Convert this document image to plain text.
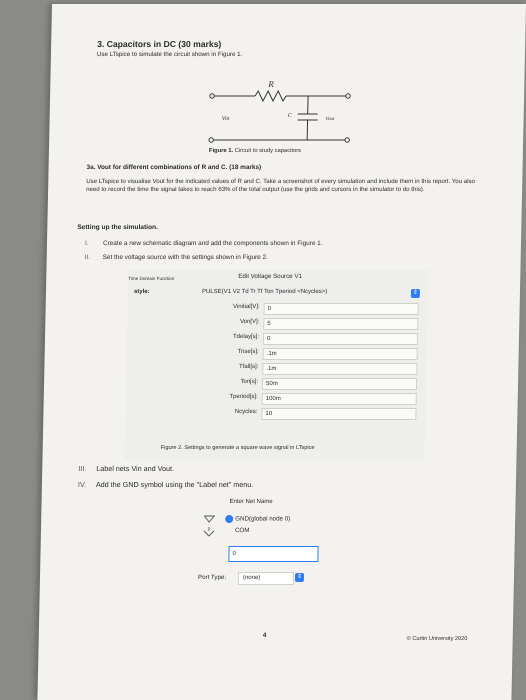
3. Capacitors in DC (30 marks)
Use LTspice to simulate the circuit shown in Figure 1.
R
Vin
C
Vout
Figure 1. Circuit to study capacitors
3a. Vout for different combinations of R and C. (18 marks)
Use LTspice to visualise Vout for the indicated values of R and C. Take a screenshot of every simulation and include them in this report. You also need to record the time the signal takes to reach 63% of the total output (use the grids and cursors in the simulator to do this).
Setting up the simulation.
I. Create a new schematic diagram and add the components shown in Figure 1.
II. Set the voltage source with the settings shown in Figure 2.
Edit Voltage Source V1
Time Domain Function
style:	PULSE(V1 V2 Td Tr Tf Ton Tperiod <Ncycles>)	⇕
Vinitial[V]:	0
Von[V]:	5
Tdelay[s]:	0
Trise[s]:	.1m
Tfall[s]:	.1m
Ton[s]:	50m
Tperiod[s]:	100m
Ncycles:	10
Figure 2. Settings to generate a square wave signal in LTspice
III. Label nets Vin and Vout.
IV. Add the GND symbol using the "Label net" menu.
Enter Net Name
GND(global node 0)
COM
0
Port Type:	(none)	⇕
4	© Curtin University 2020
